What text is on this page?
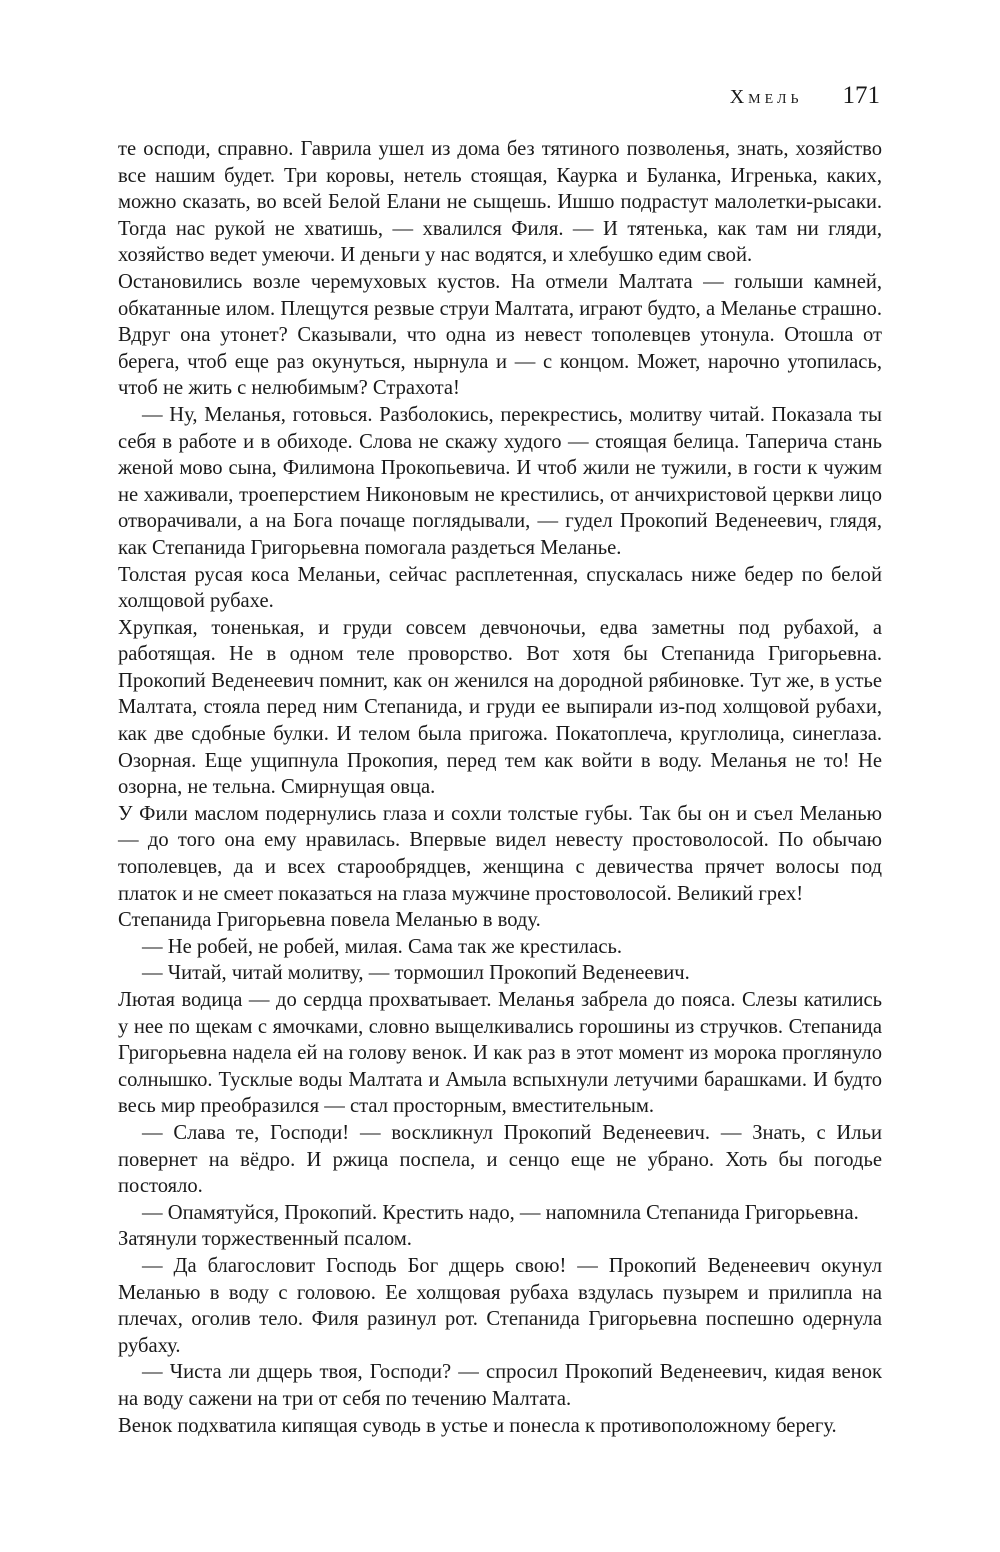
Хмель 171

те осподи, справно. Гаврила ушел из дома без тятиного позволенья, знать, хозяйство все нашим будет. Три коровы, нетель стоящая, Каурка и Буланка, Игренька, каких, можно сказать, во всей Белой Елани не сыщешь. Ишшо подрастут малолетки-рысаки. Тогда нас рукой не хватишь, — хвалился Филя. — И тятенька, как там ни гляди, хозяйство ведет умеючи. И деньги у нас водятся, и хлебушко едим свой.

Остановились возле черемуховых кустов. На отмели Малтата — голыши камней, обкатанные илом. Плещутся резвые струи Малтата, играют будто, а Меланье страшно. Вдруг она утонет? Сказывали, что одна из невест тополевцев утонула. Отошла от берега, чтоб еще раз окунуться, нырнула и — с концом. Может, нарочно утопилась, чтоб не жить с нелюбимым? Страхота!

— Ну, Меланья, готовься. Разболокись, перекрестись, молитву читай. Показала ты себя в работе и в обиходе. Слова не скажу худого — стоящая белица. Таперича стань женой мово сына, Филимона Прокопьевича. И чтоб жили не тужили, в гости к чужим не хаживали, троеперстием Никоновым не крестились, от анчихристовой церкви лицо отворачивали, а на Бога почаще поглядывали, — гудел Прокопий Веденеевич, глядя, как Степанида Григорьевна помогала раздеться Меланье.

Толстая русая коса Меланьи, сейчас расплетенная, спускалась ниже бедер по белой холщовой рубахе.

Хрупкая, тоненькая, и груди совсем девчоночьи, едва заметны под рубахой, а работящая. Не в одном теле проворство. Вот хотя бы Степанида Григорьевна. Прокопий Веденеевич помнит, как он женился на дородной рябиновке. Тут же, в устье Малтата, стояла перед ним Степанида, и груди ее выпирали из-под холщовой рубахи, как две сдобные булки. И телом была пригожа. Покатоплеча, круглолица, синеглаза. Озорная. Еще ущипнула Прокопия, перед тем как войти в воду. Меланья не то! Не озорна, не тельна. Смирнущая овца.

У Фили маслом подернулись глаза и сохли толстые губы. Так бы он и съел Меланью — до того она ему нравилась. Впервые видел невесту простоволосой. По обычаю тополевцев, да и всех старообрядцев, женщина с девичества прячет волосы под платок и не смеет показаться на глаза мужчине простоволосой. Великий грех!

Степанида Григорьевна повела Меланью в воду.

— Не робей, не робей, милая. Сама так же крестилась.

— Читай, читай молитву, — тормошил Прокопий Веденеевич.

Лютая водица — до сердца прохватывает. Меланья забрела до пояса. Слезы катились у нее по щекам с ямочками, словно выщелкивались горошины из стручков. Степанида Григорьевна надела ей на голову венок. И как раз в этот момент из морока проглянуло солнышко. Тусклые воды Малтата и Амыла вспыхнули летучими барашками. И будто весь мир преобразился — стал просторным, вместительным.

— Слава те, Господи! — воскликнул Прокопий Веденеевич. — Знать, с Ильи повернет на вёдро. И ржица поспела, и сенцо еще не убрано. Хоть бы погодье постояло.

— Опамятуйся, Прокопий. Крестить надо, — напомнила Степанида Григорьевна.

Затянули торжественный псалом.

— Да благословит Господь Бог дщерь свою! — Прокопий Веденеевич окунул Меланью в воду с головою. Ее холщовая рубаха вздулась пузырем и прилипла на плечах, оголив тело. Филя разинул рот. Степанида Григорьевна поспешно одернула рубаху.

— Чиста ли дщерь твоя, Господи? — спросил Прокопий Веденеевич, кидая венок на воду сажени на три от себя по течению Малтата.

Венок подхватила кипящая суводь в устье и понесла к противоположному берегу.
